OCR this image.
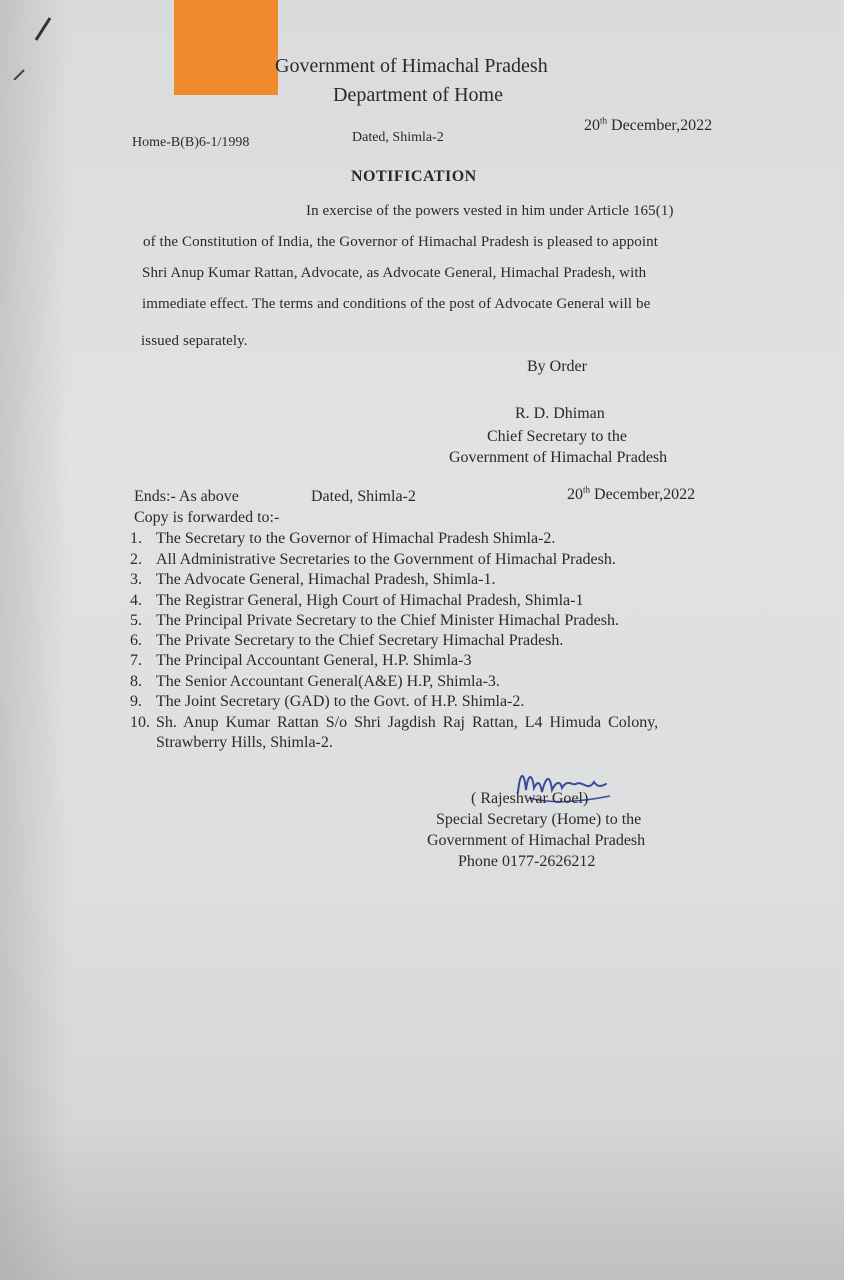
Government of Himachal Pradesh
Department of Home
Home-B(B)6-1/1998	Dated, Shimla-2
20th December,2022
NOTIFICATION
In exercise of the powers vested in him under Article 165(1)
of the Constitution of India, the Governor of Himachal Pradesh is pleased to appoint
Shri Anup Kumar Rattan, Advocate, as Advocate General, Himachal Pradesh, with
immediate effect. The terms and conditions of the post of Advocate General will be
issued separately.
By Order
R. D. Dhiman
Chief Secretary to the
Government of Himachal Pradesh
Ends:- As above	Dated, Shimla-2	20th December,2022
Copy is forwarded to:-
1. The Secretary to the Governor of Himachal Pradesh Shimla-2.
2. All Administrative Secretaries to the Government of Himachal Pradesh.
3. The Advocate General, Himachal Pradesh, Shimla-1.
4. The Registrar General, High Court of Himachal Pradesh, Shimla-1
5. The Principal Private Secretary to the Chief Minister Himachal Pradesh.
6. The Private Secretary to the Chief Secretary Himachal Pradesh.
7. The Principal Accountant General, H.P. Shimla-3
8. The Senior Accountant General(A&E) H.P, Shimla-3.
9. The Joint Secretary (GAD) to the Govt. of H.P. Shimla-2.
10. Sh. Anup Kumar Rattan S/o Shri Jagdish Raj Rattan, L4 Himuda Colony,
Strawberry Hills, Shimla-2.
( Rajeshwar Goel)
Special Secretary (Home) to the
Government of Himachal Pradesh
Phone 0177-2626212
